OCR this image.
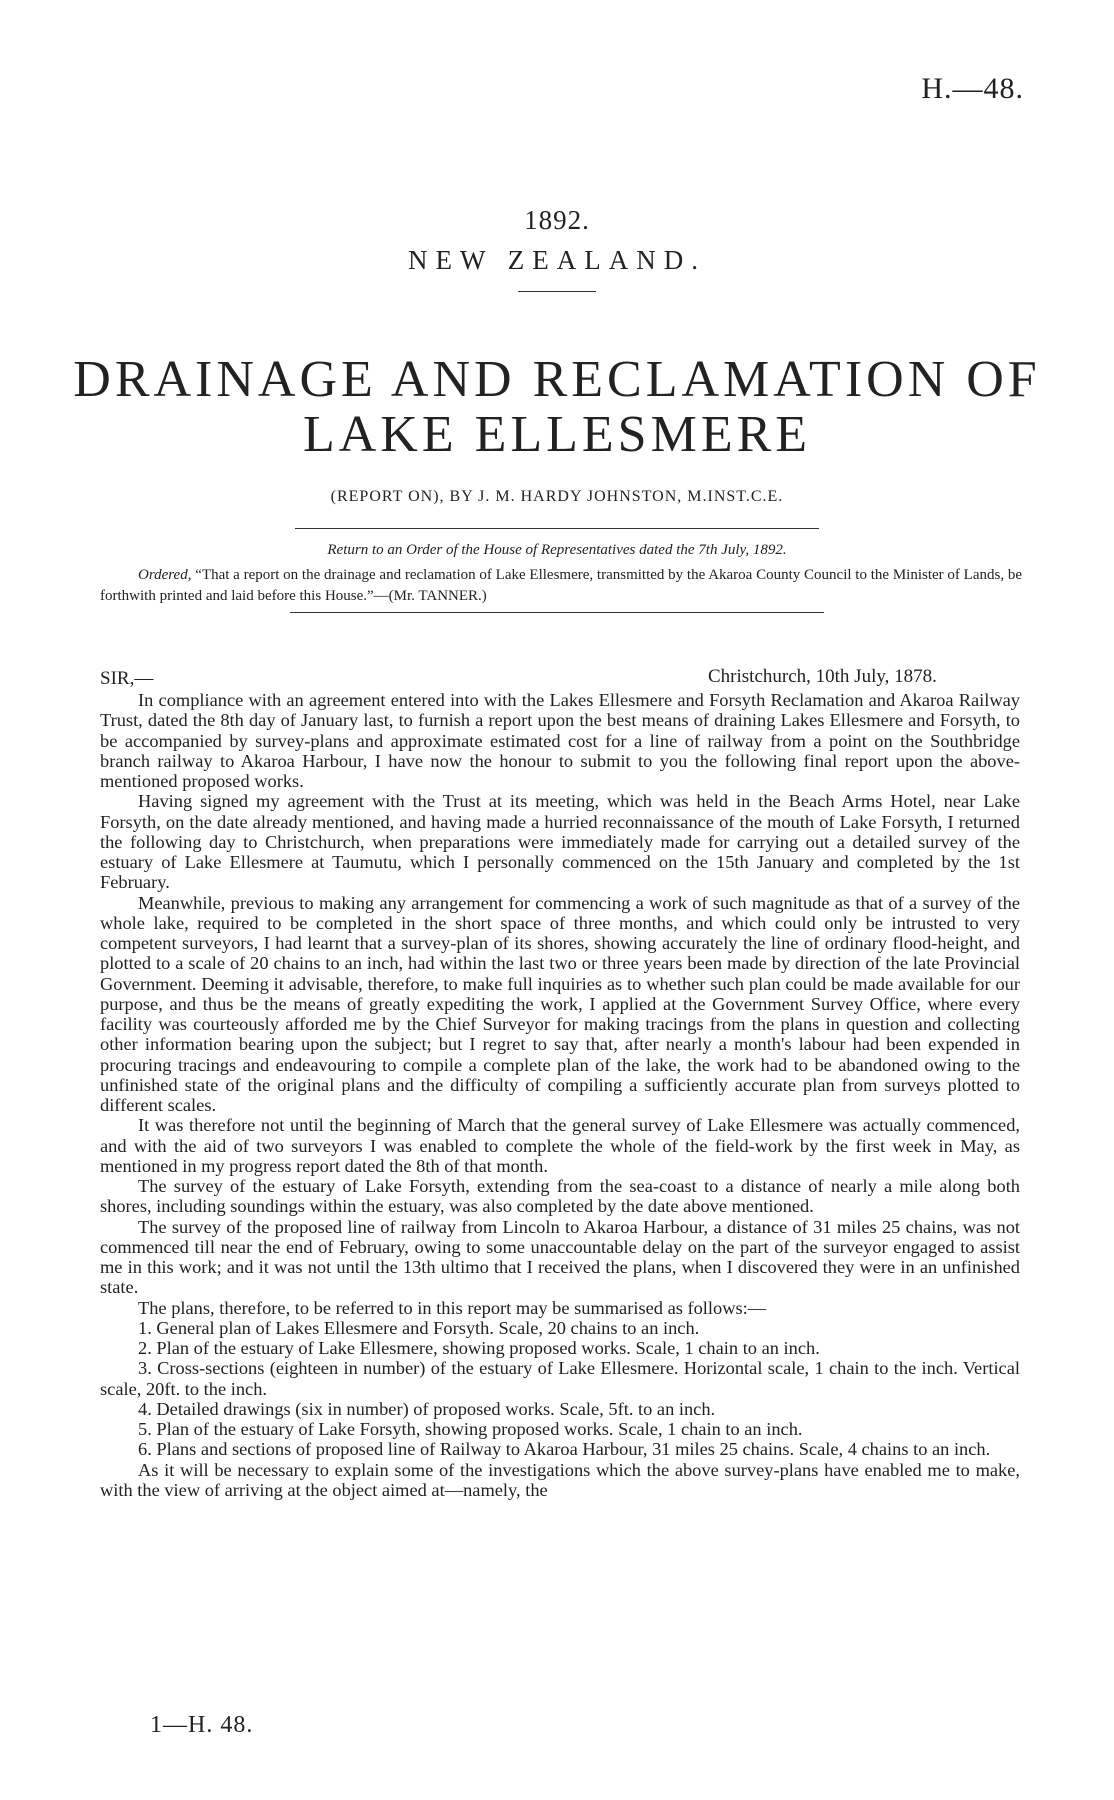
H.—48.
1892.
NEW ZEALAND.
DRAINAGE AND RECLAMATION OF
LAKE ELLESMERE
(REPORT ON), BY J. M. HARDY JOHNSTON, M.INST.C.E.
Return to an Order of the House of Representatives dated the 7th July, 1892.
Ordered, “That a report on the drainage and reclamation of Lake Ellesmere, transmitted by the Akaroa County Council to the Minister of Lands, be forthwith printed and laid before this House.”—(Mr. TANNER.)
SIR,—	Christchurch, 10th July, 1878.

In compliance with an agreement entered into with the Lakes Ellesmere and Forsyth Reclamation and Akaroa Railway Trust, dated the 8th day of January last, to furnish a report upon the best means of draining Lakes Ellesmere and Forsyth, to be accompanied by survey-plans and approximate estimated cost for a line of railway from a point on the Southbridge branch railway to Akaroa Harbour, I have now the honour to submit to you the following final report upon the above-mentioned proposed works.

Having signed my agreement with the Trust at its meeting, which was held in the Beach Arms Hotel, near Lake Forsyth, on the date already mentioned, and having made a hurried reconnaissance of the mouth of Lake Forsyth, I returned the following day to Christchurch, when preparations were immediately made for carrying out a detailed survey of the estuary of Lake Ellesmere at Taumutu, which I personally commenced on the 15th January and completed by the 1st February.

Meanwhile, previous to making any arrangement for commencing a work of such magnitude as that of a survey of the whole lake, required to be completed in the short space of three months, and which could only be intrusted to very competent surveyors, I had learnt that a survey-plan of its shores, showing accurately the line of ordinary flood-height, and plotted to a scale of 20 chains to an inch, had within the last two or three years been made by direction of the late Provincial Government. Deeming it advisable, therefore, to make full inquiries as to whether such plan could be made available for our purpose, and thus be the means of greatly expediting the work, I applied at the Government Survey Office, where every facility was courteously afforded me by the Chief Surveyor for making tracings from the plans in question and collecting other information bearing upon the subject; but I regret to say that, after nearly a month's labour had been expended in procuring tracings and endeavouring to compile a complete plan of the lake, the work had to be abandoned owing to the unfinished state of the original plans and the difficulty of compiling a sufficiently accurate plan from surveys plotted to different scales.

It was therefore not until the beginning of March that the general survey of Lake Ellesmere was actually commenced, and with the aid of two surveyors I was enabled to complete the whole of the field-work by the first week in May, as mentioned in my progress report dated the 8th of that month.

The survey of the estuary of Lake Forsyth, extending from the sea-coast to a distance of nearly a mile along both shores, including soundings within the estuary, was also completed by the date above mentioned.

The survey of the proposed line of railway from Lincoln to Akaroa Harbour, a distance of 31 miles 25 chains, was not commenced till near the end of February, owing to some unaccountable delay on the part of the surveyor engaged to assist me in this work; and it was not until the 13th ultimo that I received the plans, when I discovered they were in an unfinished state.

The plans, therefore, to be referred to in this report may be summarised as follows:—

1. General plan of Lakes Ellesmere and Forsyth. Scale, 20 chains to an inch.

2. Plan of the estuary of Lake Ellesmere, showing proposed works. Scale, 1 chain to an inch.

3. Cross-sections (eighteen in number) of the estuary of Lake Ellesmere. Horizontal scale, 1 chain to the inch. Vertical scale, 20ft. to the inch.

4. Detailed drawings (six in number) of proposed works. Scale, 5ft. to an inch.

5. Plan of the estuary of Lake Forsyth, showing proposed works. Scale, 1 chain to an inch.

6. Plans and sections of proposed line of Railway to Akaroa Harbour, 31 miles 25 chains. Scale, 4 chains to an inch.

As it will be necessary to explain some of the investigations which the above survey-plans have enabled me to make, with the view of arriving at the object aimed at—namely, the

1—H. 48.
